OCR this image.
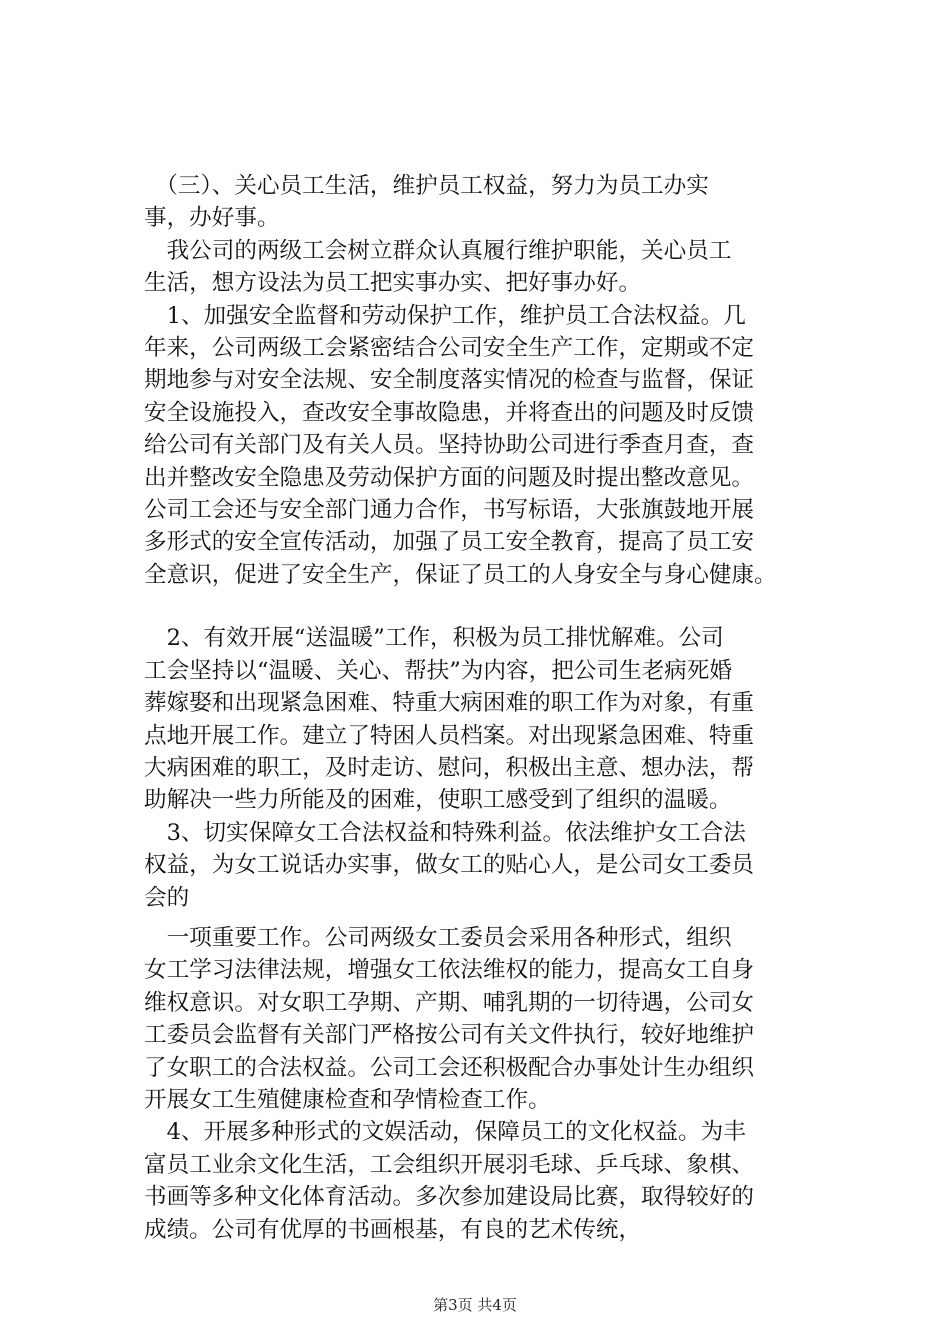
　（三）、关心员工生活，维护员工权益，努力为员工办实
事，办好事。
　我公司的两级工会树立群众认真履行维护职能，关心员工
生活，想方设法为员工把实事办实、把好事办好。
　1、加强安全监督和劳动保护工作，维护员工合法权益。几
年来，公司两级工会紧密结合公司安全生产工作，定期或不定
期地参与对安全法规、安全制度落实情况的检查与监督，保证
安全设施投入，查改安全事故隐患，并将查出的问题及时反馈
给公司有关部门及有关人员。坚持协助公司进行季查月查，查
出并整改安全隐患及劳动保护方面的问题及时提出整改意见。
公司工会还与安全部门通力合作，书写标语，大张旗鼓地开展
多形式的安全宣传活动，加强了员工安全教育，提高了员工安
全意识，促进了安全生产，保证了员工的人身安全与身心健康。
　2、有效开展“送温暖”工作，积极为员工排忧解难。公司
工会坚持以“温暖、关心、帮扶”为内容，把公司生老病死婚
葬嫁娶和出现紧急困难、特重大病困难的职工作为对象，有重
点地开展工作。建立了特困人员档案。对出现紧急困难、特重
大病困难的职工，及时走访、慰问，积极出主意、想办法，帮
助解决一些力所能及的困难，使职工感受到了组织的温暖。
　3、切实保障女工合法权益和特殊利益。依法维护女工合法
权益，为女工说话办实事，做女工的贴心人，是公司女工委员
会的
　一项重要工作。公司两级女工委员会采用各种形式，组织
女工学习法律法规，增强女工依法维权的能力，提高女工自身
维权意识。对女职工孕期、产期、哺乳期的一切待遇，公司女
工委员会监督有关部门严格按公司有关文件执行，较好地维护
了女职工的合法权益。公司工会还积极配合办事处计生办组织
开展女工生殖健康检查和孕情检查工作。
　4、开展多种形式的文娱活动，保障员工的文化权益。为丰
富员工业余文化生活，工会组织开展羽毛球、乒乓球、象棋、
书画等多种文化体育活动。多次参加建设局比赛，取得较好的
成绩。公司有优厚的书画根基，有良的艺术传统，
第3页 共4页
